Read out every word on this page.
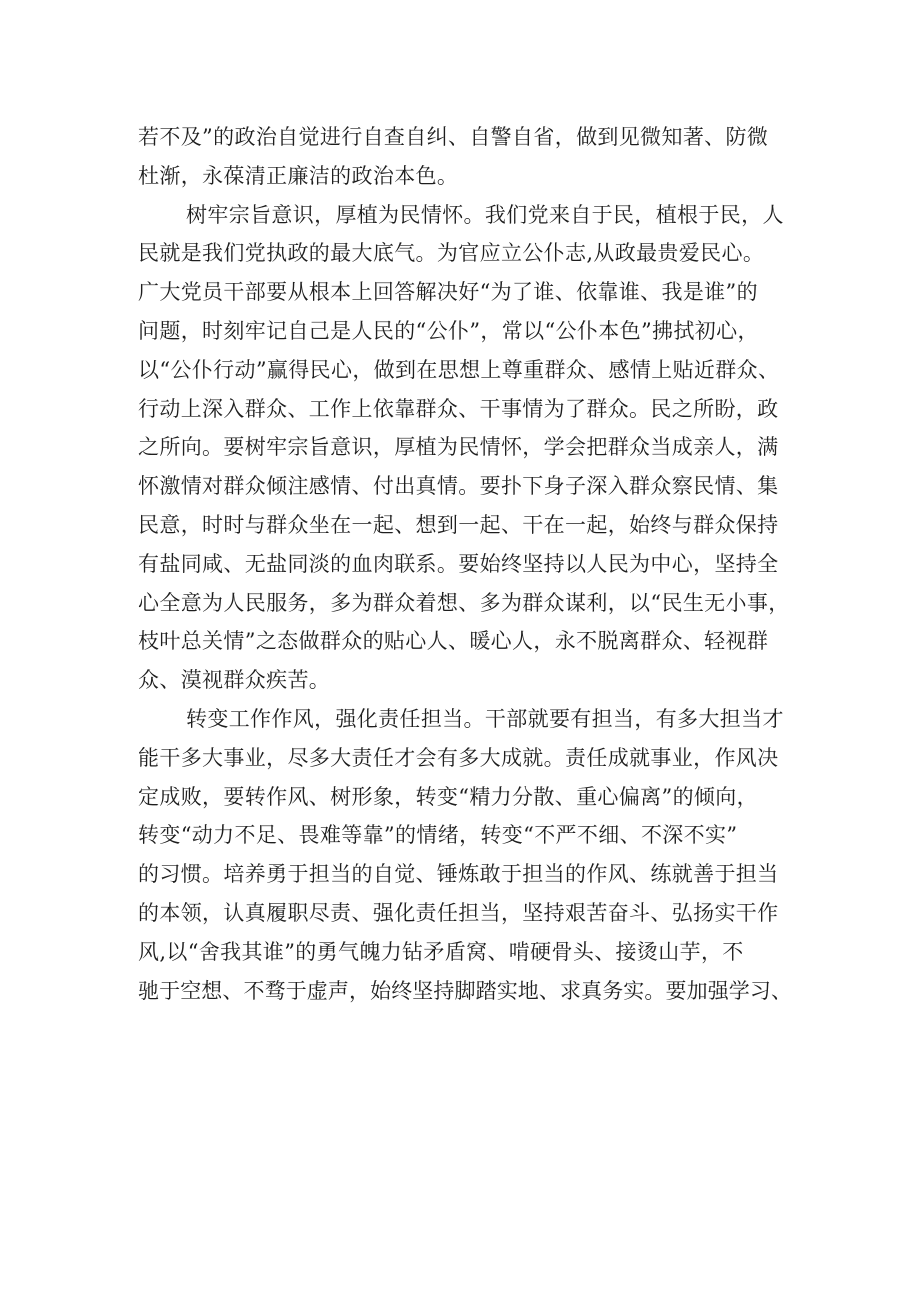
若不及”的政治自觉进行自查自纠、自警自省，做到见微知著、防微
杜渐，永葆清正廉洁的政治本色。

树牢宗旨意识，厚植为民情怀。我们党来自于民，植根于民，人
民就是我们党执政的最大底气。为官应立公仆志,从政最贵爱民心。
广大党员干部要从根本上回答解决好“为了谁、依靠谁、我是谁”的
问题，时刻牢记自己是人民的“公仆”，常以“公仆本色”拂拭初心，
以“公仆行动”赢得民心，做到在思想上尊重群众、感情上贴近群众、
行动上深入群众、工作上依靠群众、干事情为了群众。民之所盼，政
之所向。要树牢宗旨意识，厚植为民情怀，学会把群众当成亲人，满
怀激情对群众倾注感情、付出真情。要扑下身子深入群众察民情、集
民意，时时与群众坐在一起、想到一起、干在一起，始终与群众保持
有盐同咸、无盐同淡的血肉联系。要始终坚持以人民为中心，坚持全
心全意为人民服务，多为群众着想、多为群众谋利，以“民生无小事，
枝叶总关情”之态做群众的贴心人、暖心人，永不脱离群众、轻视群
众、漠视群众疾苦。

转变工作作风，强化责任担当。干部就要有担当，有多大担当才
能干多大事业，尽多大责任才会有多大成就。责任成就事业，作风决
定成败，要转作风、树形象，转变“精力分散、重心偏离”的倾向，
转变“动力不足、畏难等靠”的情绪，转变“不严不细、不深不实”
的习惯。培养勇于担当的自觉、锤炼敢于担当的作风、练就善于担当
的本领，认真履职尽责、强化责任担当，坚持艰苦奋斗、弘扬实干作
风,以“舍我其谁”的勇气魄力钻矛盾窝、啃硬骨头、接烫山芋，不
驰于空想、不骛于虚声，始终坚持脚踏实地、求真务实。要加强学习、
